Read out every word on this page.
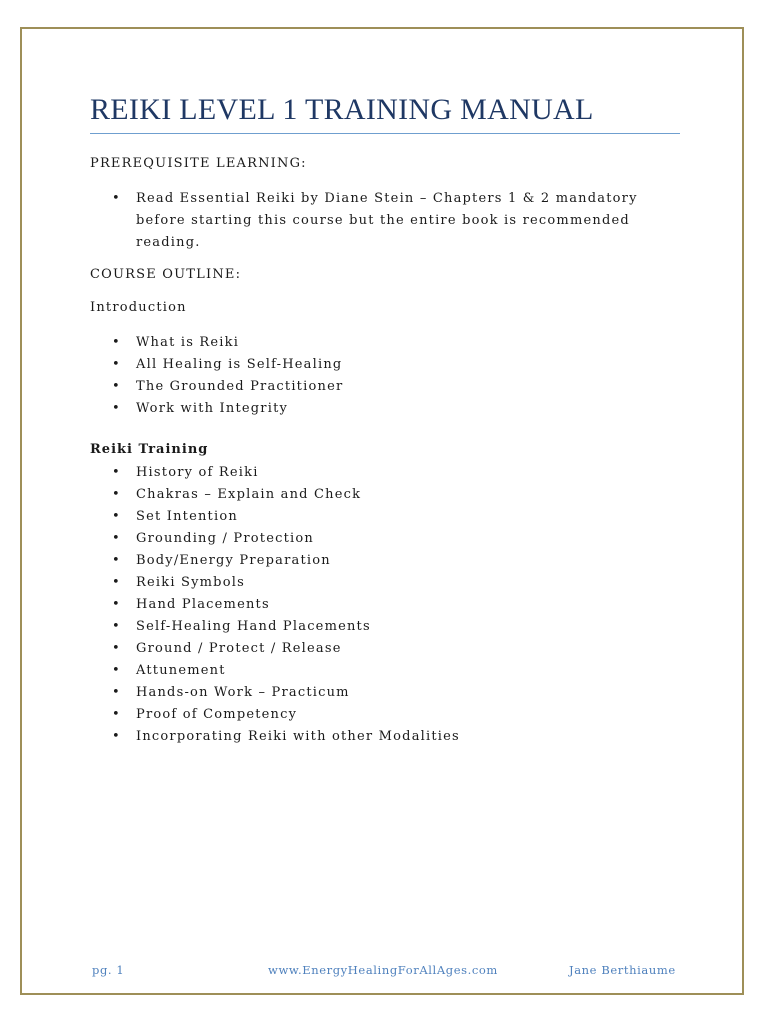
REIKI LEVEL 1 TRAINING MANUAL
PREREQUISITE LEARNING:
• Read Essential Reiki by Diane Stein – Chapters 1 & 2 mandatory before starting this course but the entire book is recommended reading.
COURSE OUTLINE:
Introduction
• What is Reiki
• All Healing is Self-Healing
• The Grounded Practitioner
• Work with Integrity
Reiki Training
• History of Reiki
• Chakras – Explain and Check
• Set Intention
• Grounding / Protection
• Body/Energy Preparation
• Reiki Symbols
• Hand Placements
• Self-Healing Hand Placements
• Ground / Protect / Release
• Attunement
• Hands-on Work – Practicum
• Proof of Competency
• Incorporating Reiki with other Modalities
pg. 1	www.EnergyHealingForAllAges.com	Jane Berthiaume
